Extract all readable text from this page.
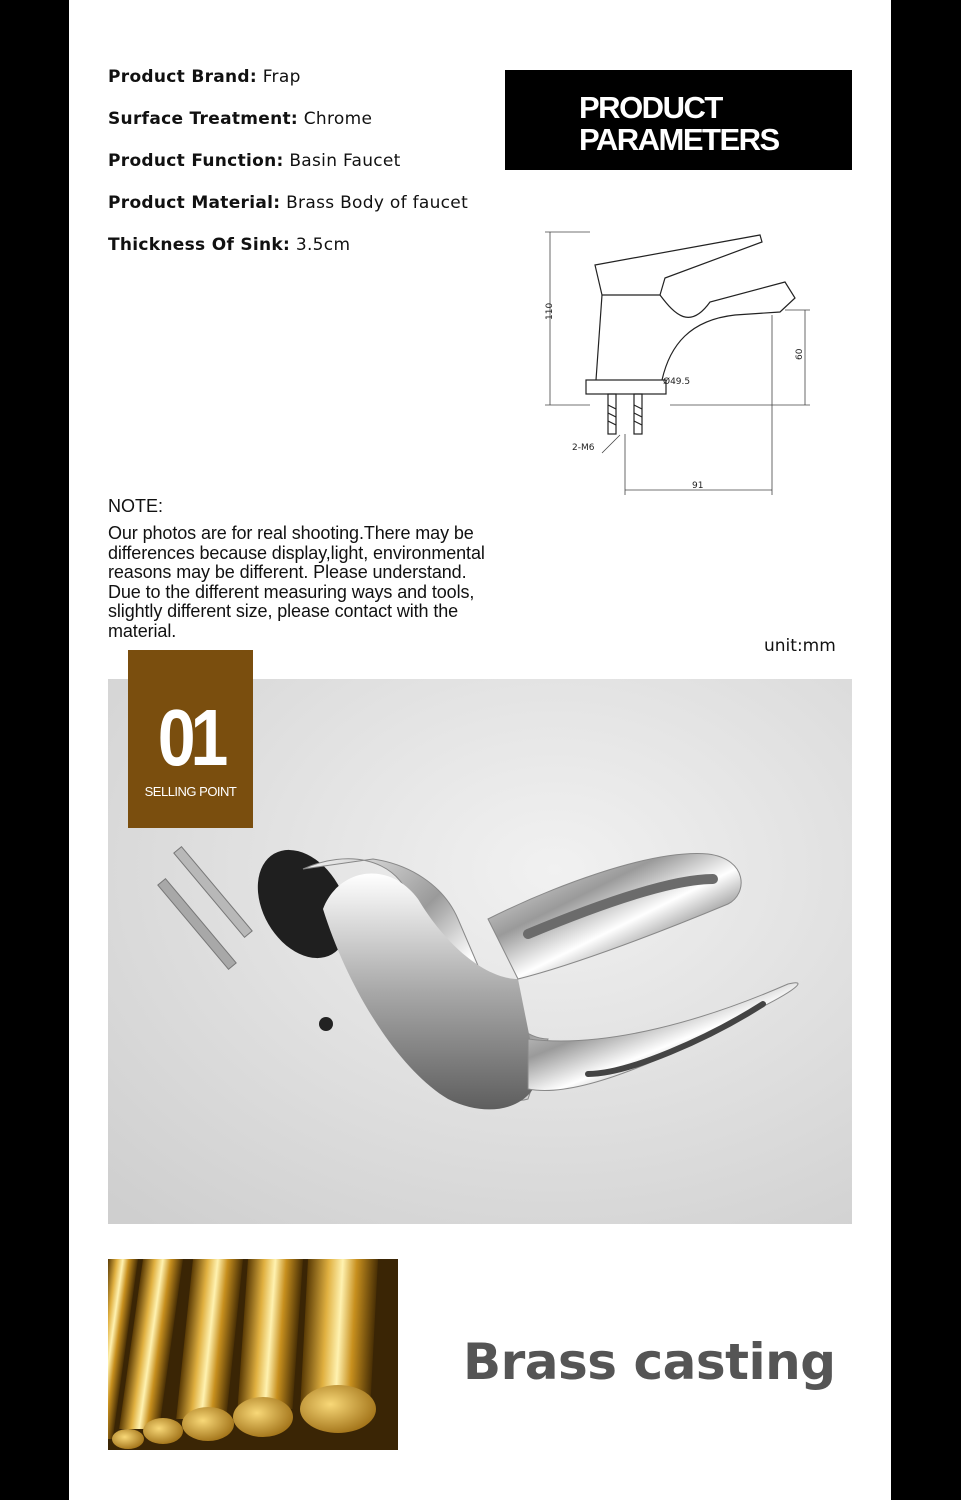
Product Brand: Frap
Surface Treatment: Chrome
Product Function: Basin Faucet
Product Material: Brass Body of faucet
Thickness Of Sink: 3.5cm
PRODUCT
PARAMETERS
110
60
Ø49.5
2-M6
91
NOTE:
Our photos are for real shooting.There may be
differences because display,light, environmental
reasons may be different. Please understand.
Due to the different measuring ways and tools,
slightly different size, please contact with the
material.
unit:mm
01
SELLING POINT
Brass casting
